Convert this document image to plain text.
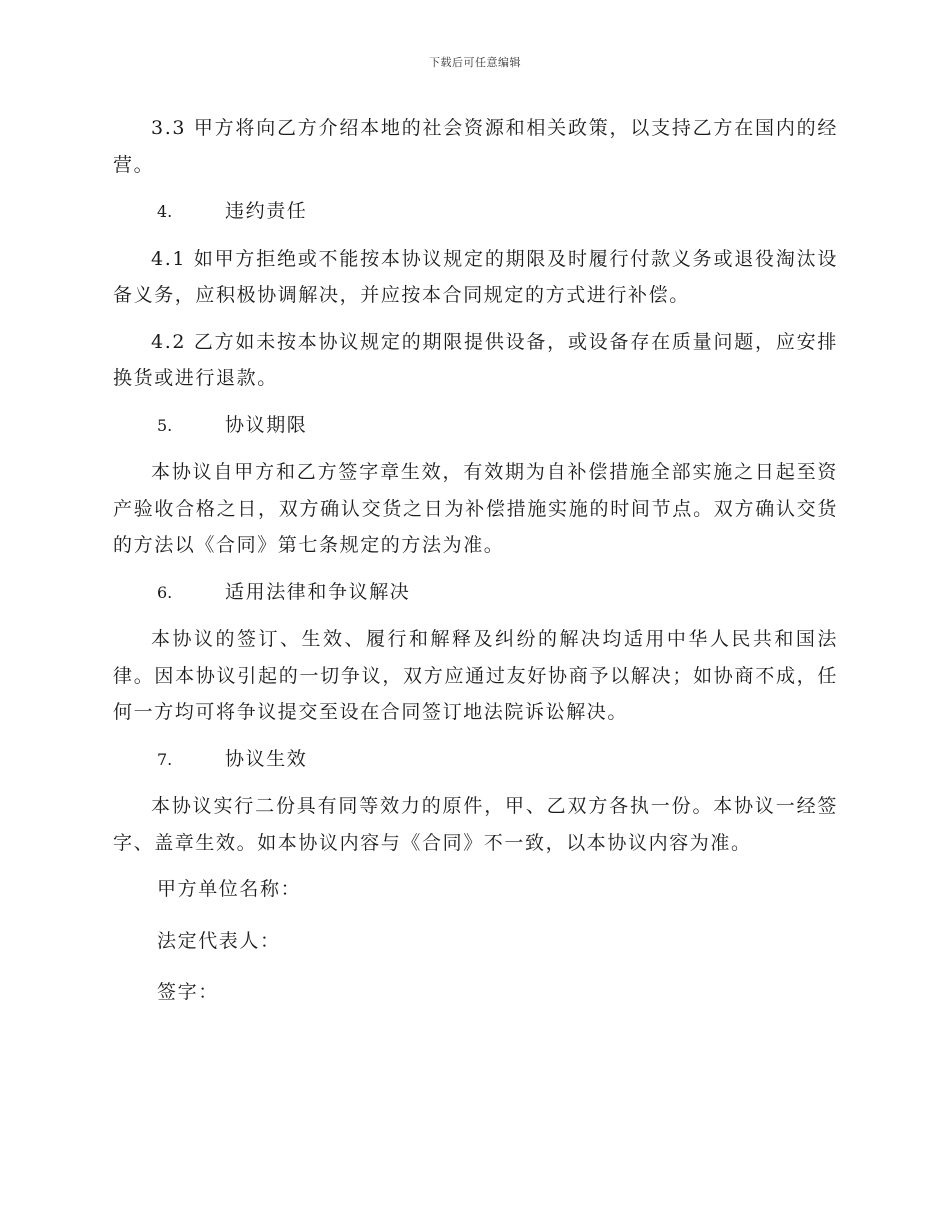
下载后可任意编辑

3.3 甲方将向乙方介绍本地的社会资源和相关政策，以支持乙方在国内的经营。

4.	违约责任

4.1 如甲方拒绝或不能按本协议规定的期限及时履行付款义务或退役淘汰设备义务，应积极协调解决，并应按本合同规定的方式进行补偿。

4.2 乙方如未按本协议规定的期限提供设备，或设备存在质量问题，应安排换货或进行退款。

5.	协议期限

本协议自甲方和乙方签字章生效，有效期为自补偿措施全部实施之日起至资产验收合格之日，双方确认交货之日为补偿措施实施的时间节点。双方确认交货的方法以《合同》第七条规定的方法为准。

6.	适用法律和争议解决

本协议的签订、生效、履行和解释及纠纷的解决均适用中华人民共和国法律。因本协议引起的一切争议，双方应通过友好协商予以解决；如协商不成，任何一方均可将争议提交至设在合同签订地法院诉讼解决。

7.	协议生效

本协议实行二份具有同等效力的原件，甲、乙双方各执一份。本协议一经签字、盖章生效。如本协议内容与《合同》不一致，以本协议内容为准。

甲方单位名称：
法定代表人：
签字：
